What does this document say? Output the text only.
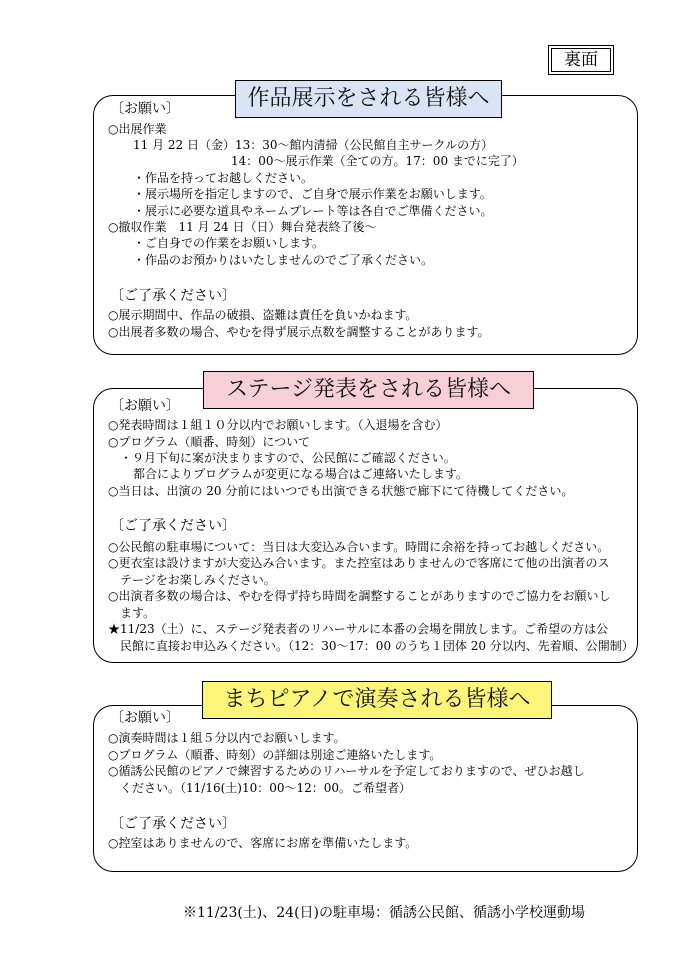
裏面
作品展示をされる皆様へ
〔お願い〕
○出展作業
11 月 22 日（金）13：30～館内清掃（公民館自主サークルの方）
14：00～展示作業（全ての方。17：00 までに完了）
・作品を持ってお越しください。
・展示場所を指定しますので、ご自身で展示作業をお願いします。
・展示に必要な道具やネームプレート等は各自でご準備ください。
○撤収作業　11 月 24 日（日）舞台発表終了後～
・ご自身での作業をお願いします。
・作品のお預かりはいたしませんのでご了承ください。
〔ご了承ください〕
○展示期間中、作品の破損、盗難は責任を負いかねます。
○出展者多数の場合、やむを得ず展示点数を調整することがあります。
ステージ発表をされる皆様へ
〔お願い〕
○発表時間は１組１０分以内でお願いします。（入退場を含む）
○プログラム（順番、時刻）について
・９月下旬に案が決まりますので、公民館にご確認ください。
都合によりプログラムが変更になる場合はご連絡いたします。
○当日は、出演の 20 分前にはいつでも出演できる状態で廊下にて待機してください。
〔ご了承ください〕
○公民館の駐車場について：当日は大変込み合います。時間に余裕を持ってお越しください。
○更衣室は設けますが大変込み合います。また控室はありませんので客席にて他の出演者のス
テージをお楽しみください。
○出演者多数の場合は、やむを得ず持ち時間を調整することがありますのでご協力をお願いし
ます。
★11/23（土）に、ステージ発表者のリハーサルに本番の会場を開放します。ご希望の方は公
民館に直接お申込みください。（12：30～17：00 のうち１団体 20 分以内、先着順、公開制）
まちピアノで演奏される皆様へ
〔お願い〕
○演奏時間は１組５分以内でお願いします。
○プログラム（順番、時刻）の詳細は別途ご連絡いたします。
○循誘公民館のピアノで練習するためのリハーサルを予定しておりますので、ぜひお越し
ください。（11/16(土)10：00～12：00。ご希望者）
〔ご了承ください〕
○控室はありませんので、客席にお席を準備いたします。
※11/23(土)、24(日)の駐車場：循誘公民館、循誘小学校運動場
